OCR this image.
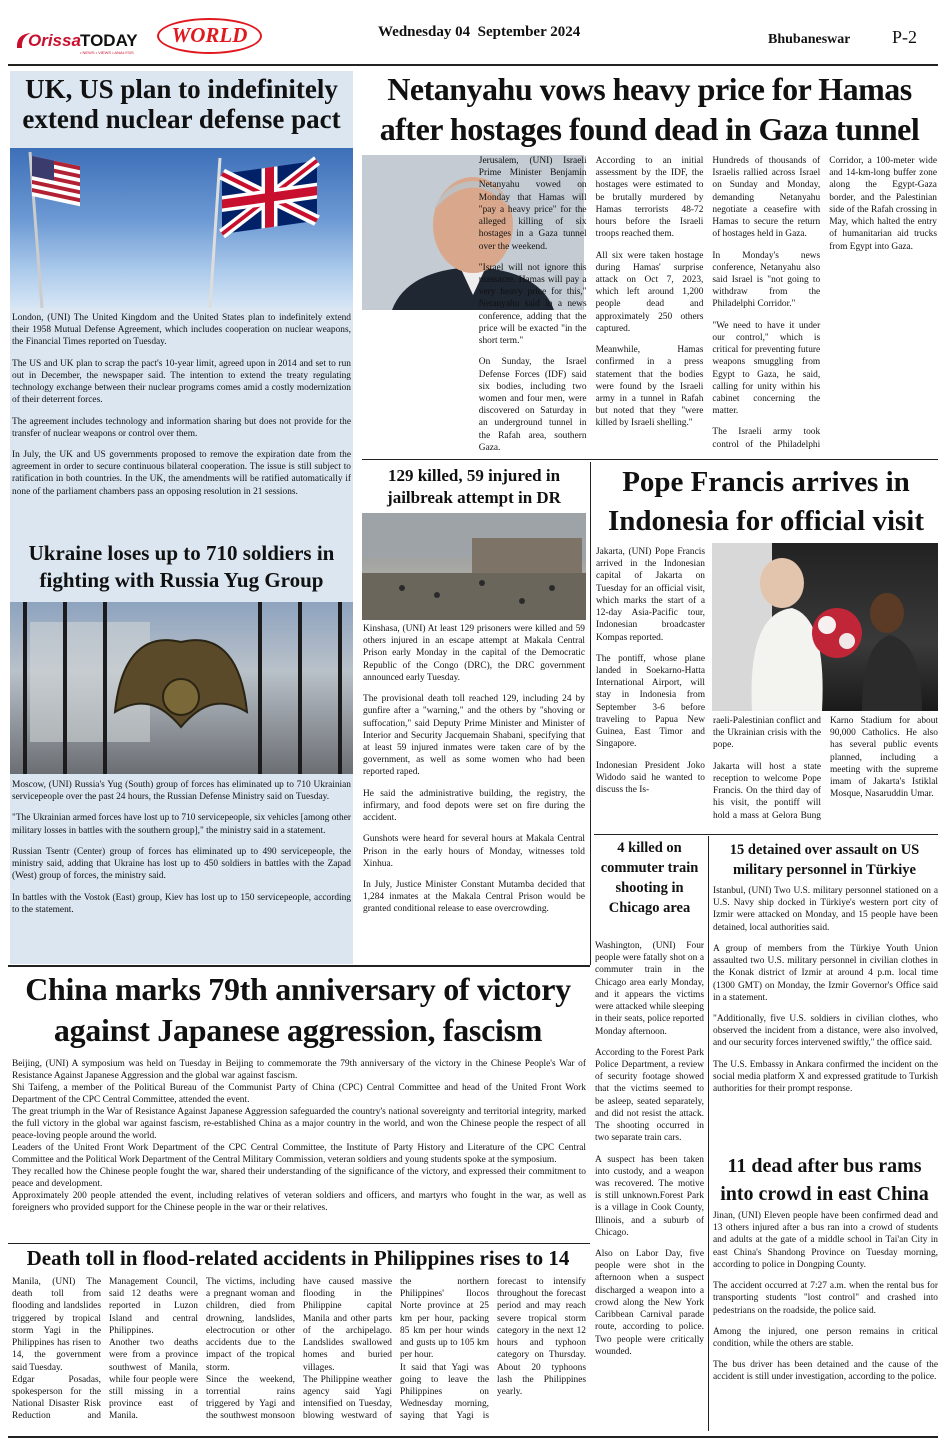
Orissa TODAY
• NEWS • VIEWS • ANALYSIS
WORLD	Wednesday 04  September 2024	Bhubaneswar P-2
UK, US plan to indefinitely extend nuclear defense pact

London, (UNI) The United Kingdom and the United States plan to indefinitely extend their 1958 Mutual Defense Agreement, which includes cooperation on nuclear weapons, the Financial Times reported on Tuesday.

The US and UK plan to scrap the pact's 10-year limit, agreed upon in 2014 and set to run out in December, the newspaper said. The intention to extend the treaty regulating technology exchange between their nuclear programs comes amid a costly modernization of their deterrent forces.

The agreement includes technology and information sharing but does not provide for the transfer of nuclear weapons or control over them.

In July, the UK and US governments proposed to remove the expiration date from the agreement in order to secure continuous bilateral cooperation. The issue is still subject to ratification in both countries. In the UK, the amendments will be ratified automatically if none of the parliament chambers pass an opposing resolution in 21 sessions.

Ukraine loses up to 710 soldiers in fighting with Russia Yug Group

Moscow, (UNI) Russia's Yug (South) group of forces has eliminated up to 710 Ukrainian servicepeople over the past 24 hours, the Russian Defense Ministry said on Tuesday.

"The Ukrainian armed forces have lost up to 710 servicepeople, six vehicles [among other military losses in battles with the southern group]," the ministry said in a statement.

Russian Tsentr (Center) group of forces has eliminated up to 490 servicepeople, the ministry said, adding that Ukraine has lost up to 450 soldiers in battles with the Zapad (West) group of forces, the ministry said.

In battles with the Vostok (East) group, Kiev has lost up to 150 servicepeople, according to the statement.

Netanyahu vows heavy price for Hamas after hostages found dead in Gaza tunnel

Jerusalem, (UNI) Israeli Prime Minister Benjamin Netanyahu vowed on Monday that Hamas will "pay a heavy price" for the alleged killing of six hostages in a Gaza tunnel over the weekend.

"Israel will not ignore this massacre. Hamas will pay a very heavy price for this," Netanyahu said in a news conference, adding that the price will be exacted "in the short term."

On Sunday, the Israel Defense Forces (IDF) said six bodies, including two women and four men, were discovered on Saturday in an underground tunnel in the Rafah area, southern Gaza.

According to an initial assessment by the IDF, the hostages were estimated to be brutally murdered by Hamas terrorists 48-72 hours before the Israeli troops reached them.

All six were taken hostage during Hamas' surprise attack on Oct 7, 2023, which left around 1,200 people dead and approximately 250 others captured.

Meanwhile, Hamas confirmed in a press statement that the bodies were found by the Israeli army in a tunnel in Rafah but noted that they "were killed by Israeli shelling."

Hundreds of thousands of Israelis rallied across Israel on Sunday and Monday, demanding Netanyahu negotiate a ceasefire with Hamas to secure the return of hostages held in Gaza.

In Monday's news conference, Netanyahu also said Israel is "not going to withdraw from the Philadelphi Corridor."

"We need to have it under our control," which is critical for preventing future weapons smuggling from Egypt to Gaza, he said, calling for unity within his cabinet concerning the matter.

The Israeli army took control of the Philadelphi Corridor, a 100-meter wide and 14-km-long buffer zone along the Egypt-Gaza border, and the Palestinian side of the Rafah crossing in May, which halted the entry of humanitarian aid trucks from Egypt into Gaza.

129 killed, 59 injured in jailbreak attempt in DR

Kinshasa, (UNI) At least 129 prisoners were killed and 59 others injured in an escape attempt at Makala Central Prison early Monday in the capital of the Democratic Republic of the Congo (DRC), the DRC government announced early Tuesday.

The provisional death toll reached 129, including 24 by gunfire after a "warning," and the others by "shoving or suffocation," said Deputy Prime Minister and Minister of Interior and Security Jacquemain Shabani, specifying that at least 59 injured inmates were taken care of by the government, as well as some women who had been reported raped.

He said the administrative building, the registry, the infirmary, and food depots were set on fire during the accident.

Gunshots were heard for several hours at Makala Central Prison in the early hours of Monday, witnesses told Xinhua.

In July, Justice Minister Constant Mutamba decided that 1,284 inmates at the Makala Central Prison would be granted conditional release to ease overcrowding.

Pope Francis arrives in Indonesia for official visit

Jakarta, (UNI) Pope Francis arrived in the Indonesian capital of Jakarta on Tuesday for an official visit, which marks the start of a 12-day Asia-Pacific tour, Indonesian broadcaster Kompas reported.

The pontiff, whose plane landed in Soekarno-Hatta International Airport, will stay in Indonesia from September 3-6 before traveling to Papua New Guinea, East Timor and Singapore.

Indonesian President Joko Widodo said he wanted to discuss the Is-

raeli-Palestinian conflict and the Ukrainian crisis with the pope.

Jakarta will host a state reception to welcome Pope Francis. On the third day of his visit, the pontiff will hold a mass at Gelora Bung Karno Stadium for about 90,000 Catholics. He also has several public events planned, including a meeting with the supreme imam of Jakarta's Istiklal Mosque, Nasaruddin Umar.

4 killed on commuter train shooting in Chicago area

Washington, (UNI) Four people were fatally shot on a commuter train in the Chicago area early Monday, and it appears the victims were attacked while sleeping in their seats, police reported Monday afternoon.

According to the Forest Park Police Department, a review of security footage showed that the victims seemed to be asleep, seated separately, and did not resist the attack. The shooting occurred in two separate train cars.

A suspect has been taken into custody, and a weapon was recovered. The motive is still unknown.Forest Park is a village in Cook County, Illinois, and a suburb of Chicago.

Also on Labor Day, five people were shot in the afternoon when a suspect discharged a weapon into a crowd along the New York Caribbean Carnival parade route, according to police. Two people were critically wounded.

15 detained over assault on US military personnel in Türkiye

Istanbul, (UNI) Two U.S. military personnel stationed on a U.S. Navy ship docked in Türkiye's western port city of Izmir were attacked on Monday, and 15 people have been detained, local authorities said.

A group of members from the Türkiye Youth Union assaulted two U.S. military personnel in civilian clothes in the Konak district of Izmir at around 4 p.m. local time (1300 GMT) on Monday, the Izmir Governor's Office said in a statement.

"Additionally, five U.S. soldiers in civilian clothes, who observed the incident from a distance, were also involved, and our security forces intervened swiftly," the office said.

The U.S. Embassy in Ankara confirmed the incident on the social media platform X and expressed gratitude to Turkish authorities for their prompt response.

11 dead after bus rams into crowd in east China

Jinan, (UNI) Eleven people have been confirmed dead and 13 others injured after a bus ran into a crowd of students and adults at the gate of a middle school in Tai'an City in east China's Shandong Province on Tuesday morning, according to police in Dongping County.

The accident occurred at 7:27 a.m. when the rental bus for transporting students "lost control" and crashed into pedestrians on the roadside, the police said.

Among the injured, one person remains in critical condition, while the others are stable.

The bus driver has been detained and the cause of the accident is still under investigation, according to the police.

China marks 79th anniversary of victory against Japanese aggression, fascism
Beijing, (UNI) A symposium was held on Tuesday in Beijing to commemorate the 79th anniversary of the victory in the Chinese People's War of Resistance Against Japanese Aggression and the global war against fascism.
Shi Taifeng, a member of the Political Bureau of the Communist Party of China (CPC) Central Committee and head of the United Front Work Department of the CPC Central Committee, attended the event.
The great triumph in the War of Resistance Against Japanese Aggression safeguarded the country's national sovereignty and territorial integrity, marked the full victory in the global war against fascism, re-established China as a major country in the world, and won the Chinese people the respect of all peace-loving people around the world.
Leaders of the United Front Work Department of the CPC Central Committee, the Institute of Party History and Literature of the CPC Central Committee and the Political Work Department of the Central Military Commission, veteran soldiers and young students spoke at the symposium.
They recalled how the Chinese people fought the war, shared their understanding of the significance of the victory, and expressed their commitment to peace and development.
Approximately 200 people attended the event, including relatives of veteran soldiers and officers, and martyrs who fought in the war, as well as foreigners who provided support for the Chinese people in the war or their relatives.
Death toll in flood-related accidents in Philippines rises to 14

Manila, (UNI) The death toll from flooding and landslides triggered by tropical storm Yagi in the Philippines has risen to 14, the government said Tuesday.

Edgar Posadas, spokesperson for the National Disaster Risk Reduction and Management Council, said 12 deaths were reported in Luzon Island and central Philippines.

Another two deaths were from a province southwest of Manila, while four people were still missing in a province east of Manila.

The victims, including a pregnant woman and children, died from drowning, landslides, electrocution or other accidents due to the impact of the tropical storm.

Since the weekend, torrential rains triggered by Yagi and the southwest monsoon have caused massive flooding in the Philippine capital Manila and other parts of the archipelago. Landslides swallowed homes and buried villages.

The Philippine weather agency said Yagi intensified on Tuesday, blowing westward of the northern Philippines' Ilocos Norte province at 25 km per hour, packing 85 km per hour winds and gusts up to 105 km per hour.

It said that Yagi was going to leave the Philippines on Wednesday morning, saying that Yagi is forecast to intensify throughout the forecast period and may reach severe tropical storm category in the next 12 hours and typhoon category on Thursday. About 20 typhoons lash the Philippines yearly.
